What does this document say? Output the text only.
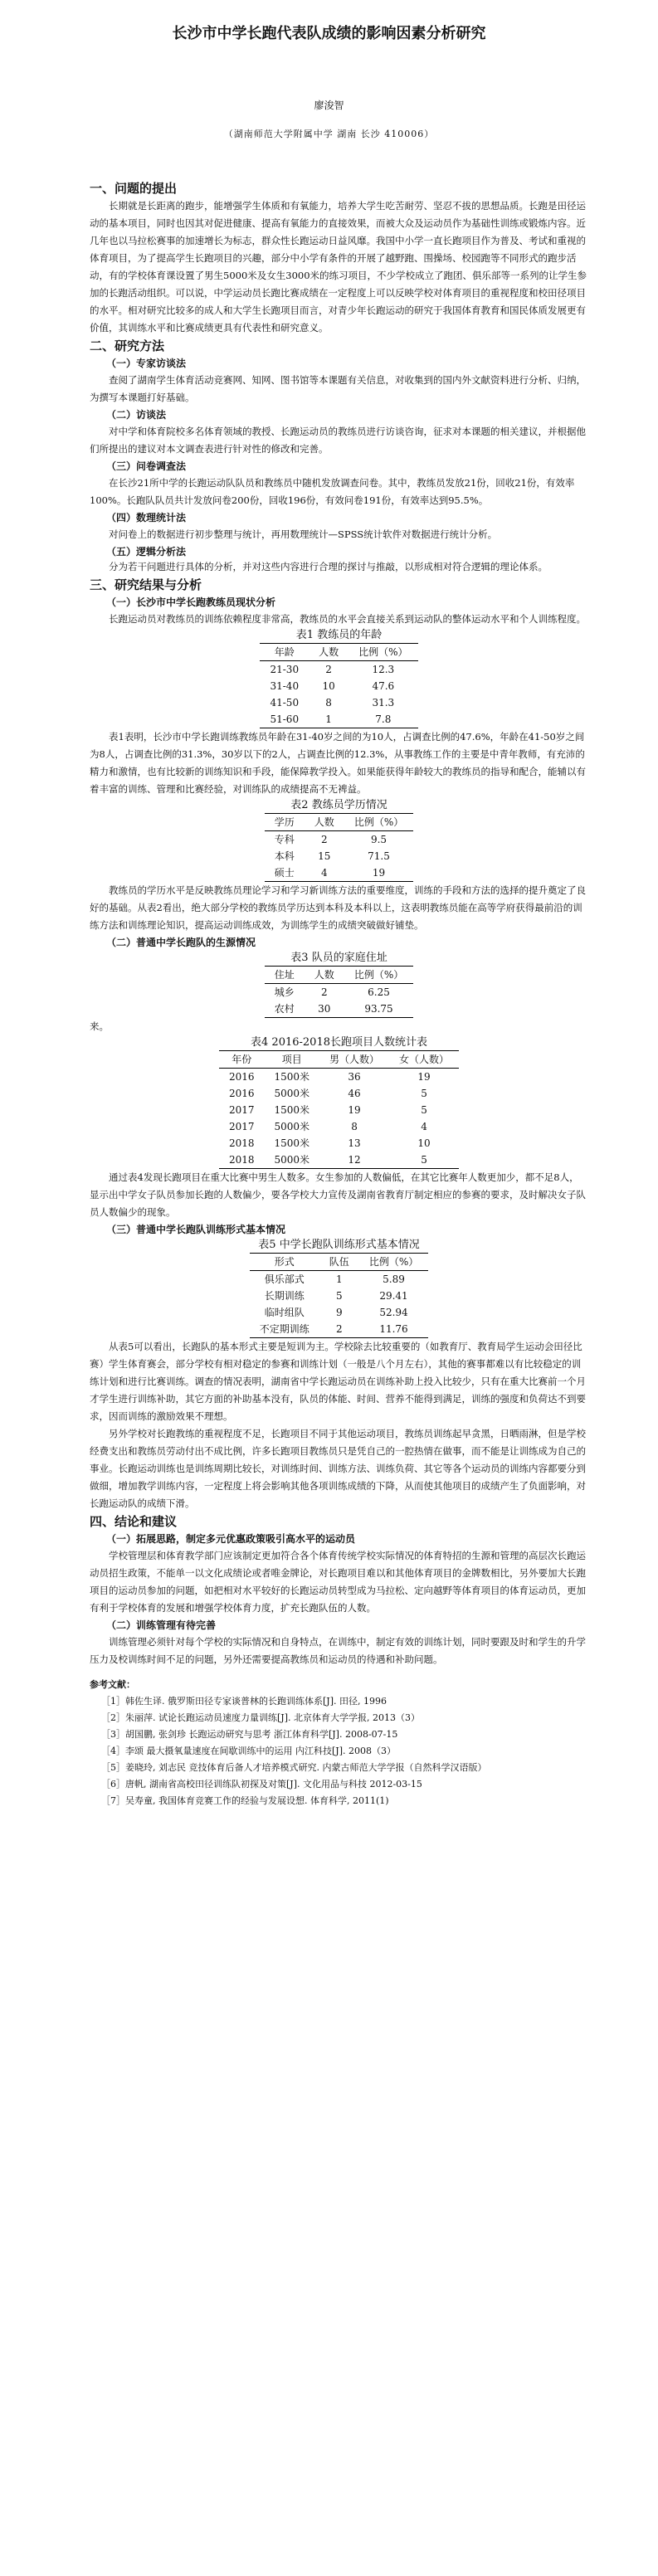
长沙市中学长跑代表队成绩的影响因素分析研究
廖浚智
（湖南师范大学附属中学 湖南 长沙 410006）
一、问题的提出

长期就是长距离的跑步，能增强学生体质和有氧能力，培养大学生吃苦耐劳、坚忍不拔的思想品质。长跑是田径运动的基本项目，同时也因其对促进健康、提高有氧能力的直接效果，而被大众及运动员作为基础性训练或锻炼内容。近几年也以马拉松赛事的加速增长为标志，群众性长跑运动日益风靡。我国中小学一直长跑项目作为普及、考试和重视的体育项目，为了提高学生长跑项目的兴趣，部分中小学有条件的开展了越野跑、围操场、校园跑等不同形式的跑步活动，有的学校体育课设置了男生5000米及女生3000米的练习项目，不少学校成立了跑团、俱乐部等一系列的让学生参加的长跑活动组织。可以说，中学运动员长跑比赛成绩在一定程度上可以反映学校对体育项目的重视程度和校田径项目的水平。相对研究比较多的成人和大学生长跑项目而言，对青少年长跑运动的研究于我国体育教育和国民体质发展更有价值，其训练水平和比赛成绩更具有代表性和研究意义。

二、研究方法
（一）专家访谈法

查阅了湖南学生体育活动竞赛网、知网、图书馆等本课题有关信息，对收集到的国内外文献资料进行分析、归纳，为撰写本课题打好基础。

（二）访谈法

对中学和体育院校多名体育领域的教授、长跑运动员的教练员进行访谈咨询，征求对本课题的相关建议，并根据他们所提出的建议对本文调查表进行针对性的修改和完善。

（三）问卷调查法

在长沙21所中学的长跑运动队队员和教练员中随机发放调查问卷。其中，教练员发放21份，回收21份，有效率100%。长跑队队员共计发放问卷200份，回收196份，有效问卷191份，有效率达到95.5%。

（四）数理统计法

对问卷上的数据进行初步整理与统计，再用数理统计—SPSS统计软件对数据进行统计分析。

（五）逻辑分析法

分为若干问题进行具体的分析，并对这些内容进行合理的探讨与推敲，以形成相对符合逻辑的理论体系。

三、研究结果与分析
（一）长沙市中学长跑教练员现状分析

长跑运动员对教练员的训练依赖程度非常高，教练员的水平会直接关系到运动队的整体运动水平和个人训练程度。

表1 教练员的年龄
年龄	人数	比例（%）
21-30	2	12.3
31-40	10	47.6
41-50	8	31.3
51-60	1	7.8

表1表明，长沙市中学长跑训练教练员年龄在31-40岁之间的为10人，占调查比例的47.6%，年龄在41-50岁之间为8人，占调查比例的31.3%，30岁以下的2人，占调查比例的12.3%，从事教练工作的主要是中青年教师，有充沛的精力和激情，也有比较新的训练知识和手段，能保障教学投入。如果能获得年龄较大的教练员的指导和配合，能辅以有着丰富的训练、管理和比赛经验，对训练队的成绩提高不无裨益。

表2 教练员学历情况
学历	人数	比例（%）
专科	2	9.5
本科	15	71.5
硕士	4	19

教练员的学历水平是反映教练员理论学习和学习新训练方法的重要维度，训练的手段和方法的选择的提升奠定了良好的基础。从表2看出，绝大部分学校的教练员学历达到本科及本科以上，这表明教练员能在高等学府获得最前沿的训练方法和训练理论知识，提高运动训练成效，为训练学生的成绩突破做好铺垫。

（二）普通中学长跑队的生源情况
表3 队员的家庭住址
住址	人数	比例（%）
城乡	2	6.25
农村	30	93.75

来。

表4 2016-2018长跑项目人数统计表
年份	项目	男（人数）	女（人数）
2016	1500米	36	19
2016	5000米	46	5
2017	1500米	19	5
2017	5000米	8	4
2018	1500米	13	10
2018	5000米	12	5

通过表4发现长跑项目在重大比赛中男生人数多。女生参加的人数偏低，在其它比赛年人数更加少，都不足8人，显示出中学女子队员参加长跑的人数偏少，要各学校大力宣传及湖南省教育厅制定相应的参赛的要求，及时解决女子队员人数偏少的现象。

（三）普通中学长跑队训练形式基本情况
表5 中学长跑队训练形式基本情况
形式	队伍	比例（%）
俱乐部式	1	5.89
长期训练	5	29.41
临时组队	9	52.94
不定期训练	2	11.76

从表5可以看出，长跑队的基本形式主要是短训为主。学校除去比较重要的（如教育厅、教育局学生运动会田径比赛）学生体育赛会，部分学校有相对稳定的参赛和训练计划（一般是八个月左右），其他的赛事都难以有比较稳定的训练计划和进行比赛训练。调查的情况表明，湖南省中学长跑运动员在训练补助上投入比较少，只有在重大比赛前一个月才学生进行训练补助，其它方面的补助基本没有，队员的体能、时间、营养不能得到满足，训练的强度和负荷达不到要求，因而训练的激励效果不理想。

另外学校对长跑教练的重视程度不足，长跑项目不同于其他运动项目，教练员训练起早贪黑，日晒雨淋，但是学校经费支出和教练员劳动付出不成比例，许多长跑项目教练员只是凭自己的一腔热情在做事，而不能是让训练成为自己的事业。长跑运动训练也是训练周期比较长，对训练时间、训练方法、训练负荷、其它等各个运动员的训练内容都要分到做细，增加教学训练内容，一定程度上将会影响其他各项训练成绩的下降，从而使其他项目的成绩产生了负面影响，对长跑运动队的成绩下滑。

四、结论和建议
（一）拓展思路，制定多元优惠政策吸引高水平的运动员

学校管理层和体育教学部门应该制定更加符合各个体育传统学校实际情况的体育特招的生源和管理的高层次长跑运动员招生政策，不能单一以文化成绩论或者唯金牌论，对长跑项目难以和其他体育项目的金牌数相比，另外要加大长跑项目的运动员参加的问题，如把相对水平较好的长跑运动员转型成为马拉松、定向越野等体育项目的体育运动员，更加有利于学校体育的发展和增强学校体育力度，扩充长跑队伍的人数。

（二）训练管理有待完善

训练管理必须针对每个学校的实际情况和自身特点，在训练中，制定有效的训练计划，同时要跟及时和学生的升学压力及校训练时间不足的问题，另外还需要提高教练员和运动员的待遇和补助问题。

参考文献：
［1］韩佐生译. 俄罗斯田径专家谈普林的长跑训练体系[J]. 田径, 1996
［2］朱丽萍. 试论长跑运动员速度力量训练[J]. 北京体育大学学报, 2013（3）
［3］胡国鹏, 张剑珍 长跑运动研究与思考 浙江体育科学[J]. 2008-07-15
［4］李颂 最大摄氧量速度在间歇训练中的运用 内江科技[J]. 2008（3）
［5］姜晓玲, 刘志民 竞技体育后备人才培养模式研究. 内蒙古师范大学学报（自然科学汉语版）
［6］唐帆, 湖南省高校田径训练队初探及对策[J]. 文化用品与科技 2012-03-15
［7］吴寿童, 我国体育竞赛工作的经验与发展设想. 体育科学, 2011(1)
